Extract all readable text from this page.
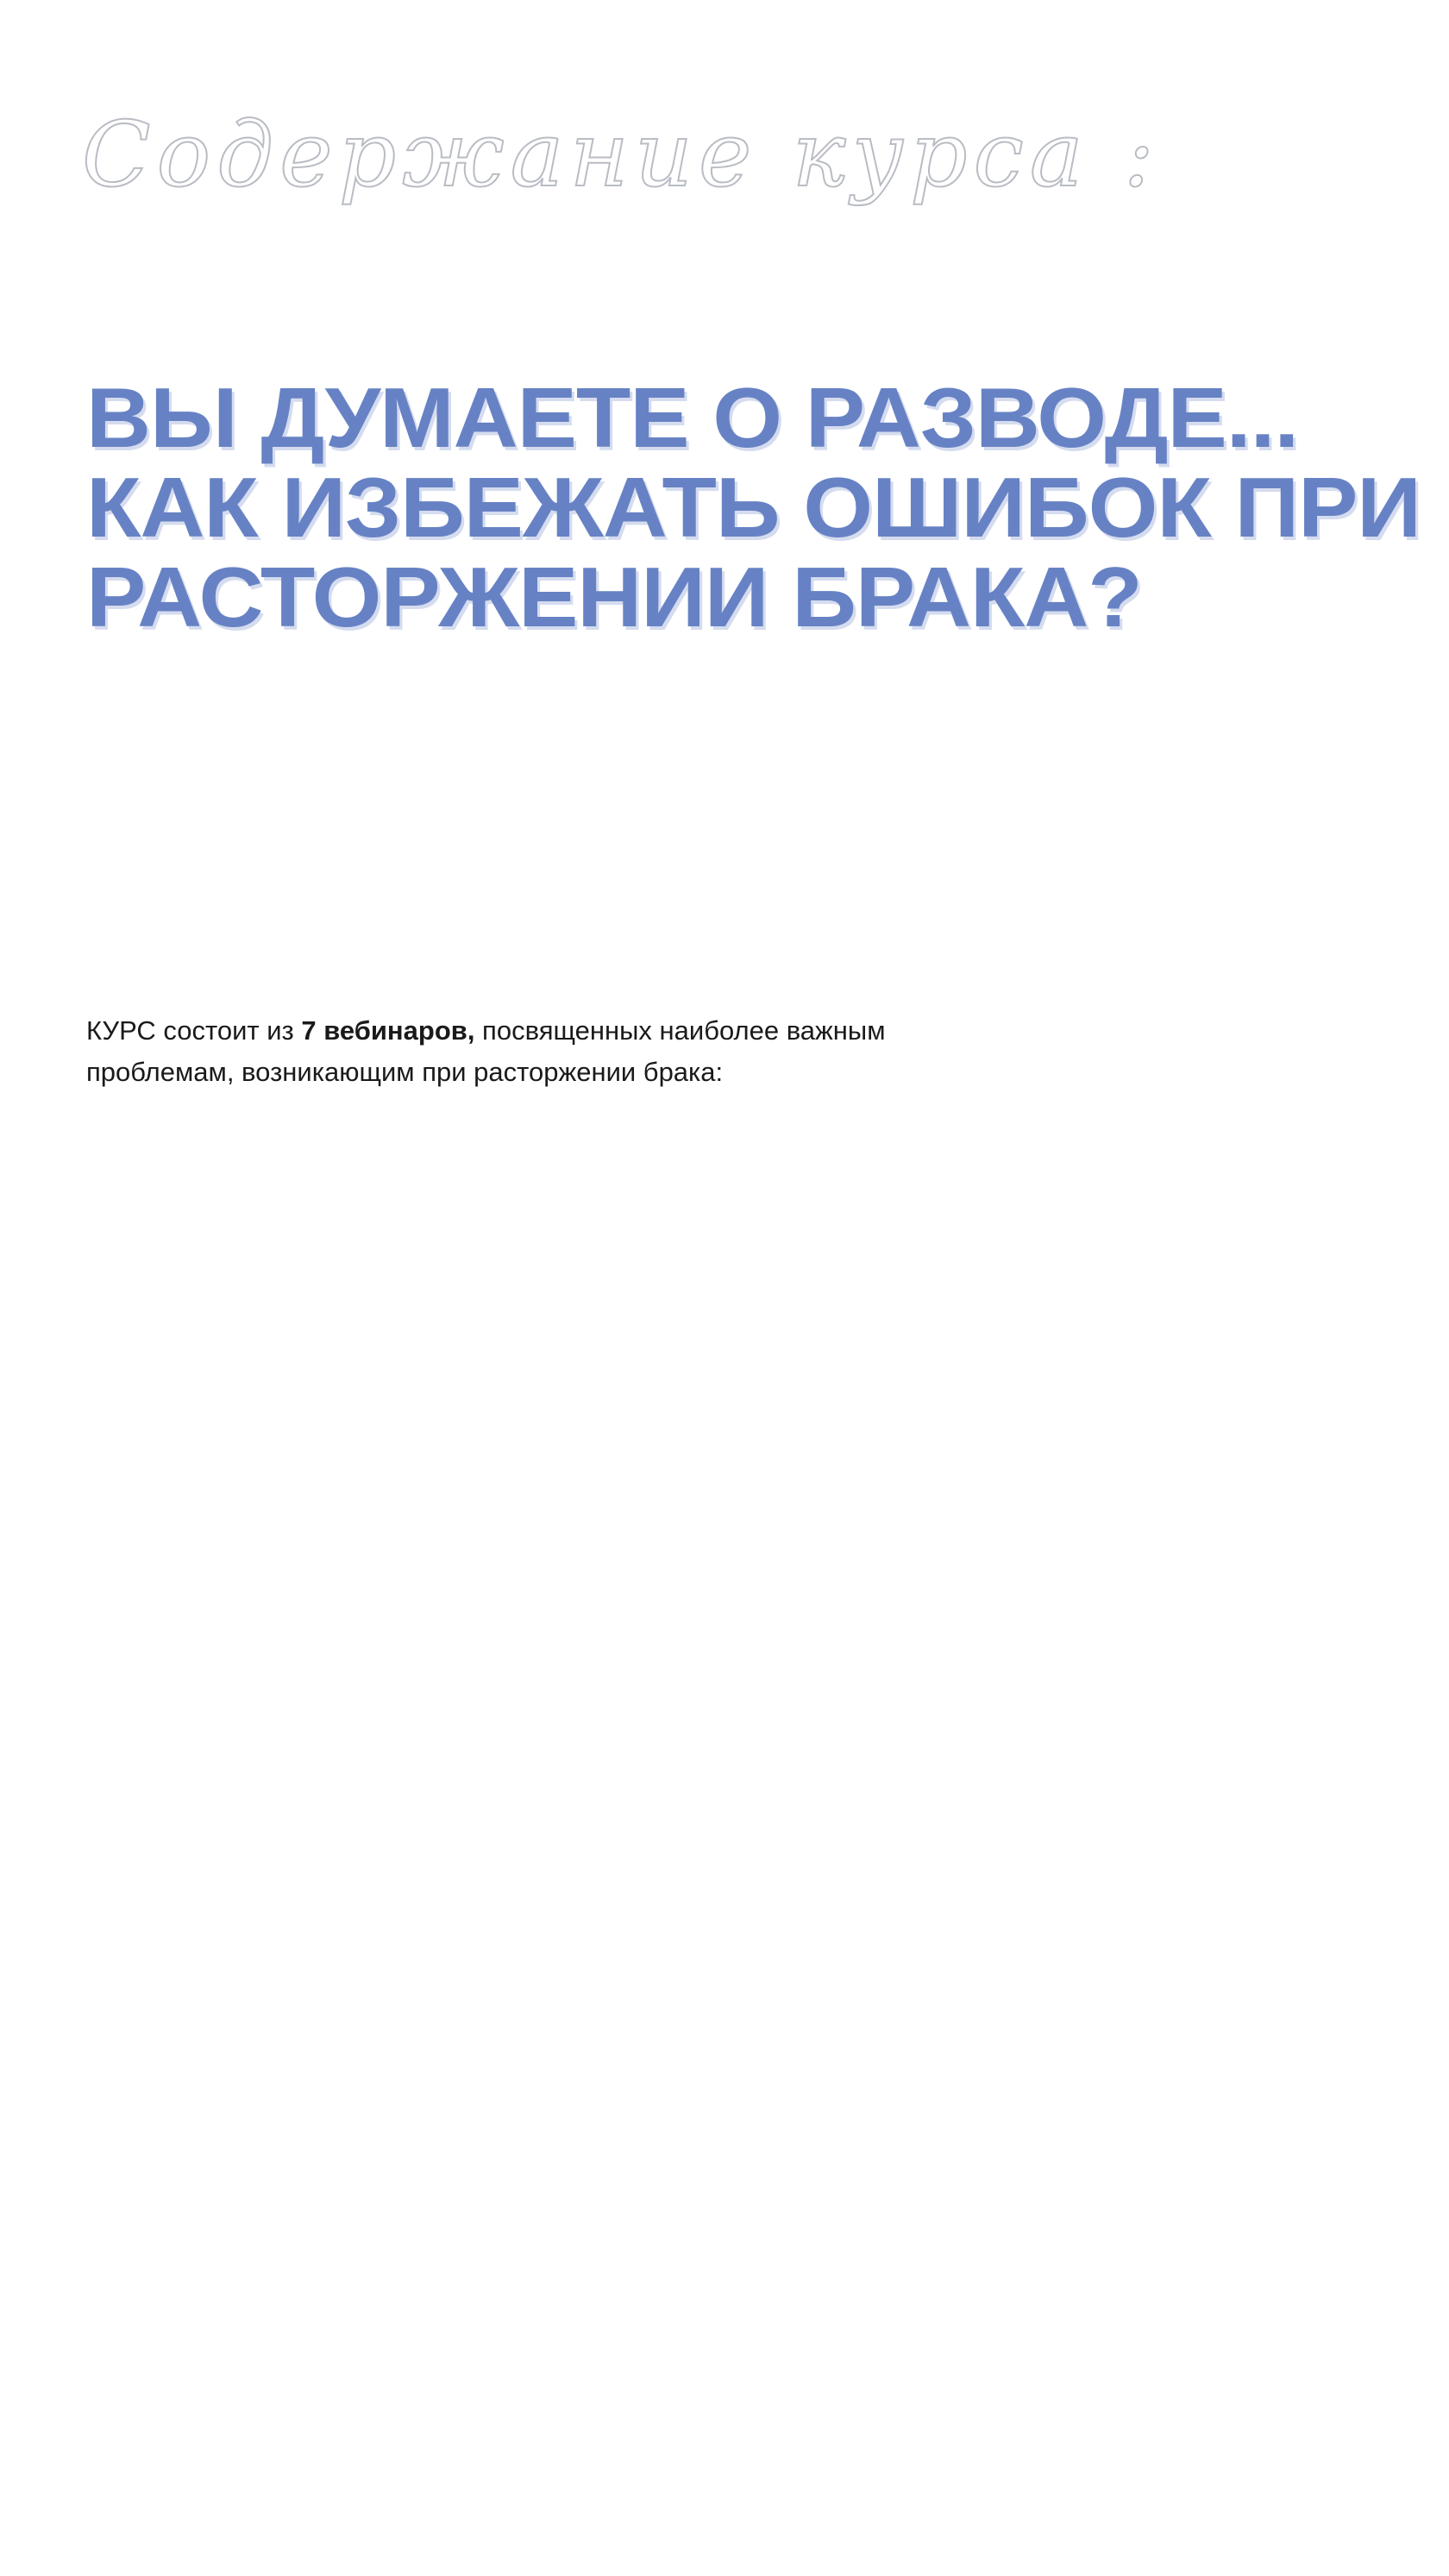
Содержание курса :
ВЫ ДУМАЕТЕ О РАЗВОДЕ...
КАК ИЗБЕЖАТЬ ОШИБОК ПРИ
РАСТОРЖЕНИИ БРАКА?

КУРС состоит из 7 вебинаров, посвященных наиболее важным проблемам, возникающим при расторжении брака:
